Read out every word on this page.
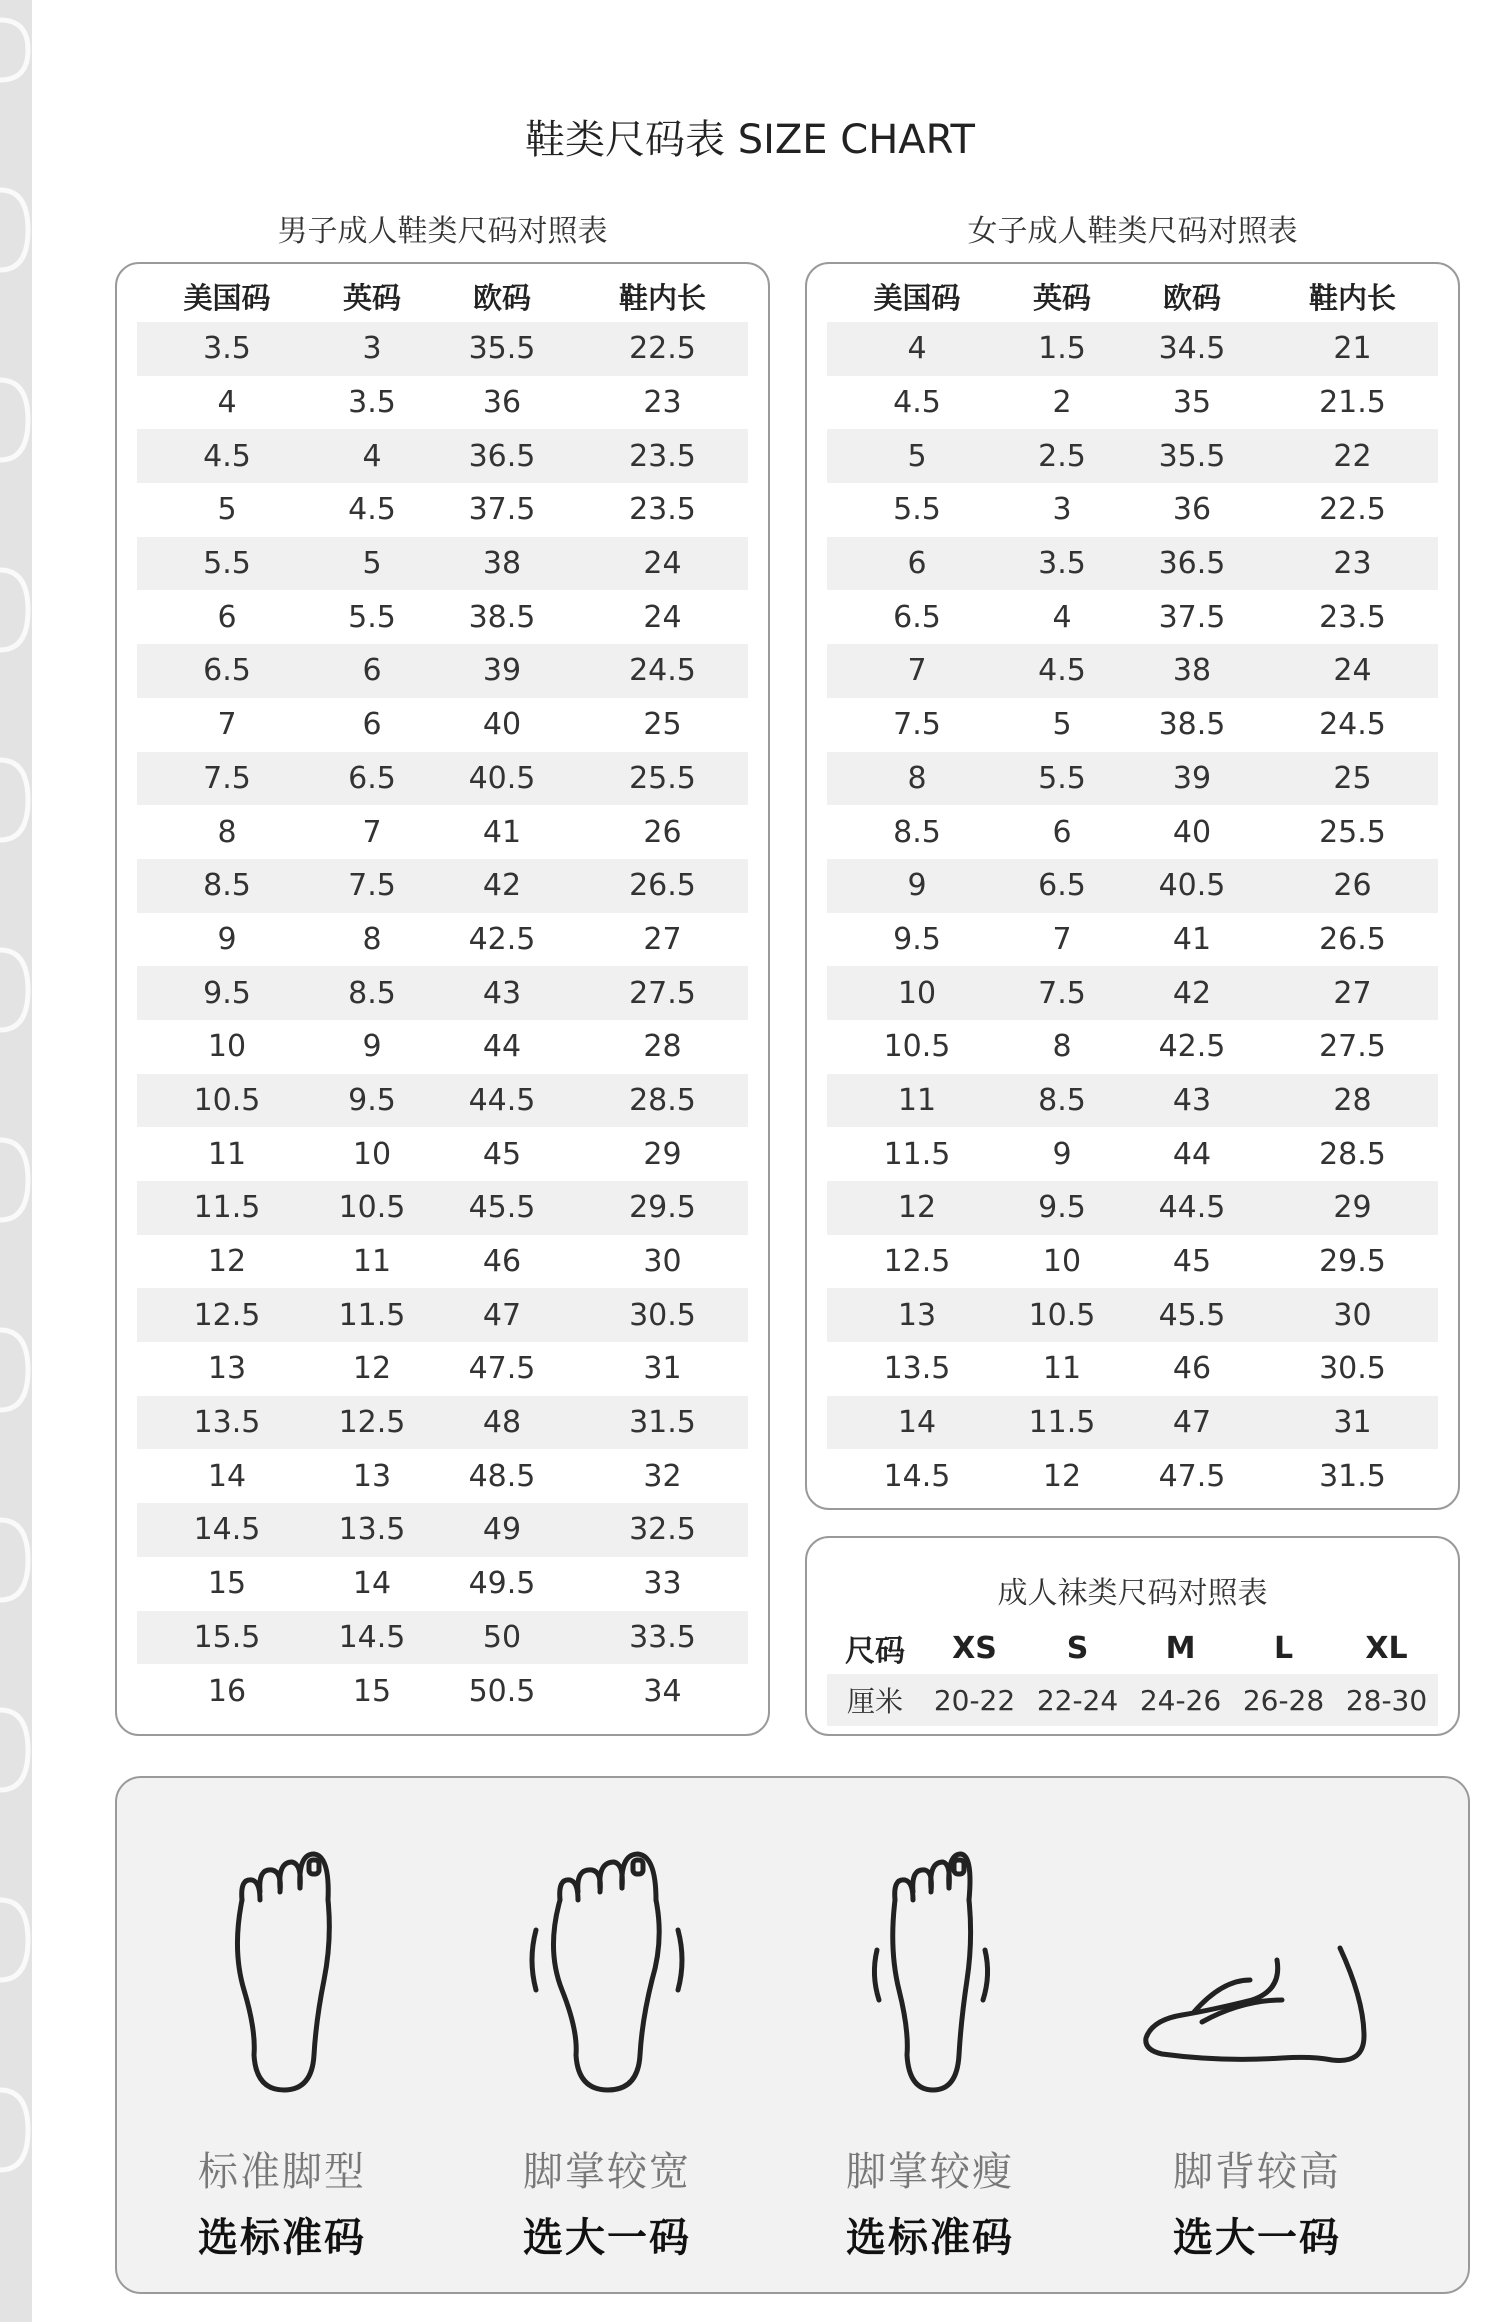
鞋类尺码表 SIZE CHART
男子成人鞋类尺码对照表
美国码	英码	欧码	鞋内长
3.5	3	35.5	22.5
4	3.5	36	23
4.5	4	36.5	23.5
5	4.5	37.5	23.5
5.5	5	38	24
6	5.5	38.5	24
6.5	6	39	24.5
7	6	40	25
7.5	6.5	40.5	25.5
8	7	41	26
8.5	7.5	42	26.5
9	8	42.5	27
9.5	8.5	43	27.5
10	9	44	28
10.5	9.5	44.5	28.5
11	10	45	29
11.5	10.5	45.5	29.5
12	11	46	30
12.5	11.5	47	30.5
13	12	47.5	31
13.5	12.5	48	31.5
14	13	48.5	32
14.5	13.5	49	32.5
15	14	49.5	33
15.5	14.5	50	33.5
16	15	50.5	34
女子成人鞋类尺码对照表
美国码	英码	欧码	鞋内长
4	1.5	34.5	21
4.5	2	35	21.5
5	2.5	35.5	22
5.5	3	36	22.5
6	3.5	36.5	23
6.5	4	37.5	23.5
7	4.5	38	24
7.5	5	38.5	24.5
8	5.5	39	25
8.5	6	40	25.5
9	6.5	40.5	26
9.5	7	41	26.5
10	7.5	42	27
10.5	8	42.5	27.5
11	8.5	43	28
11.5	9	44	28.5
12	9.5	44.5	29
12.5	10	45	29.5
13	10.5	45.5	30
13.5	11	46	30.5
14	11.5	47	31
14.5	12	47.5	31.5
成人袜类尺码对照表
尺码	XS	S	M	L	XL
厘米	20-22	22-24	24-26	26-28	28-30
标准脚型
选标准码
脚掌较宽
选大一码
脚掌较瘦
选标准码
脚背较高
选大一码
